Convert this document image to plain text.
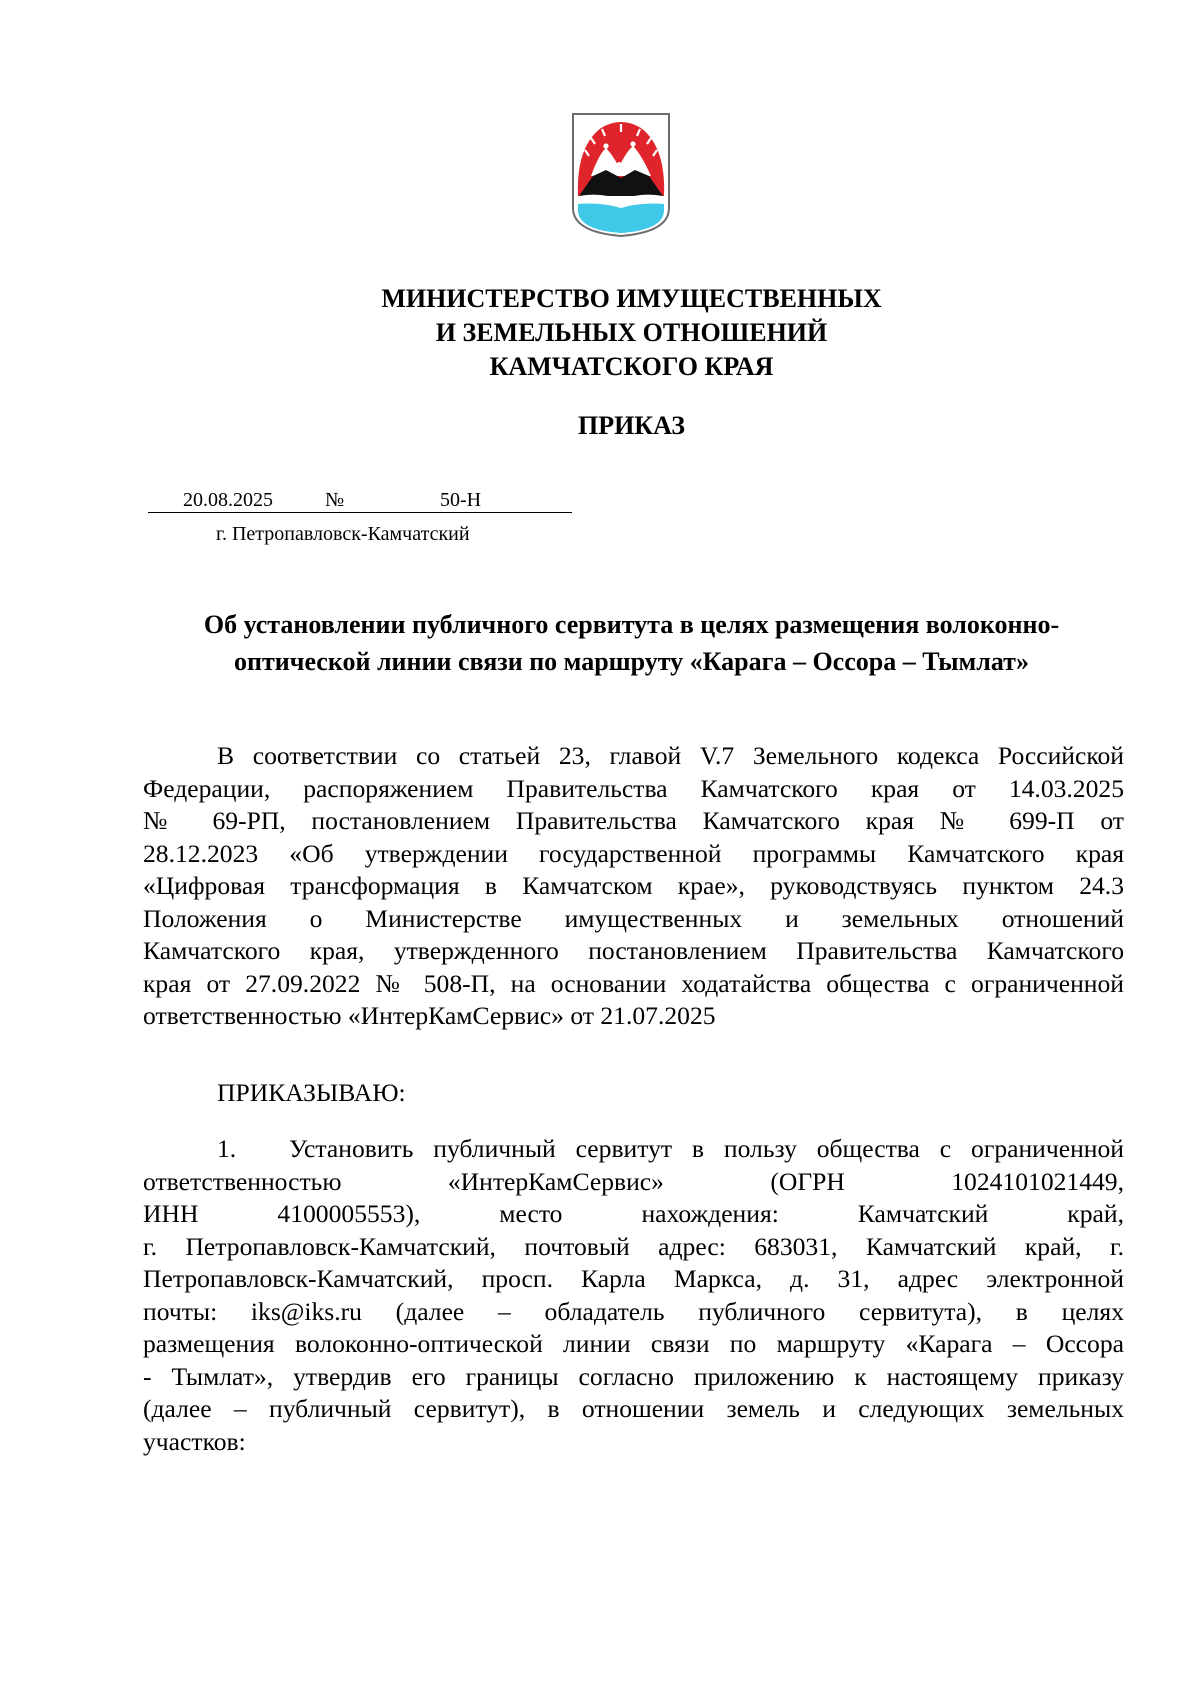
МИНИСТЕРСТВО ИМУЩЕСТВЕННЫХ
И ЗЕМЕЛЬНЫХ ОТНОШЕНИЙ
КАМЧАТСКОГО КРАЯ
ПРИКАЗ
20.08.2025	№	50-Н
г. Петропавловск-Камчатский
Об установлении публичного сервитута в целях размещения волоконно-
оптической линии связи по маршруту «Карага – Оссора – Тымлат»
В соответствии со статьей 23, главой V.7 Земельного кодекса Российской
Федерации, распоряжением Правительства Камчатского края от 14.03.2025
№ 69-РП, постановлением Правительства Камчатского края № 699-П от
28.12.2023 «Об утверждении государственной программы Камчатского края
«Цифровая трансформация в Камчатском крае», руководствуясь пунктом 24.3
Положения о Министерстве имущественных и земельных отношений
Камчатского края, утвержденного постановлением Правительства Камчатского
края от 27.09.2022 № 508-П, на основании ходатайства общества с ограниченной
ответственностью «ИнтерКамСервис» от 21.07.2025
ПРИКАЗЫВАЮ:
1. Установить публичный сервитут в пользу общества с ограниченной
ответственностью «ИнтерКамСервис» (ОГРН 1024101021449,
ИНН 4100005553), место нахождения: Камчатский край,
г. Петропавловск-Камчатский, почтовый адрес: 683031, Камчатский край, г.
Петропавловск-Камчатский, просп. Карла Маркса, д. 31, адрес электронной
почты: iks@iks.ru (далее – обладатель публичного сервитута), в целях
размещения волоконно-оптической линии связи по маршруту «Карага – Оссора
- Тымлат», утвердив его границы согласно приложению к настоящему приказу
(далее – публичный сервитут), в отношении земель и следующих земельных
участков:
